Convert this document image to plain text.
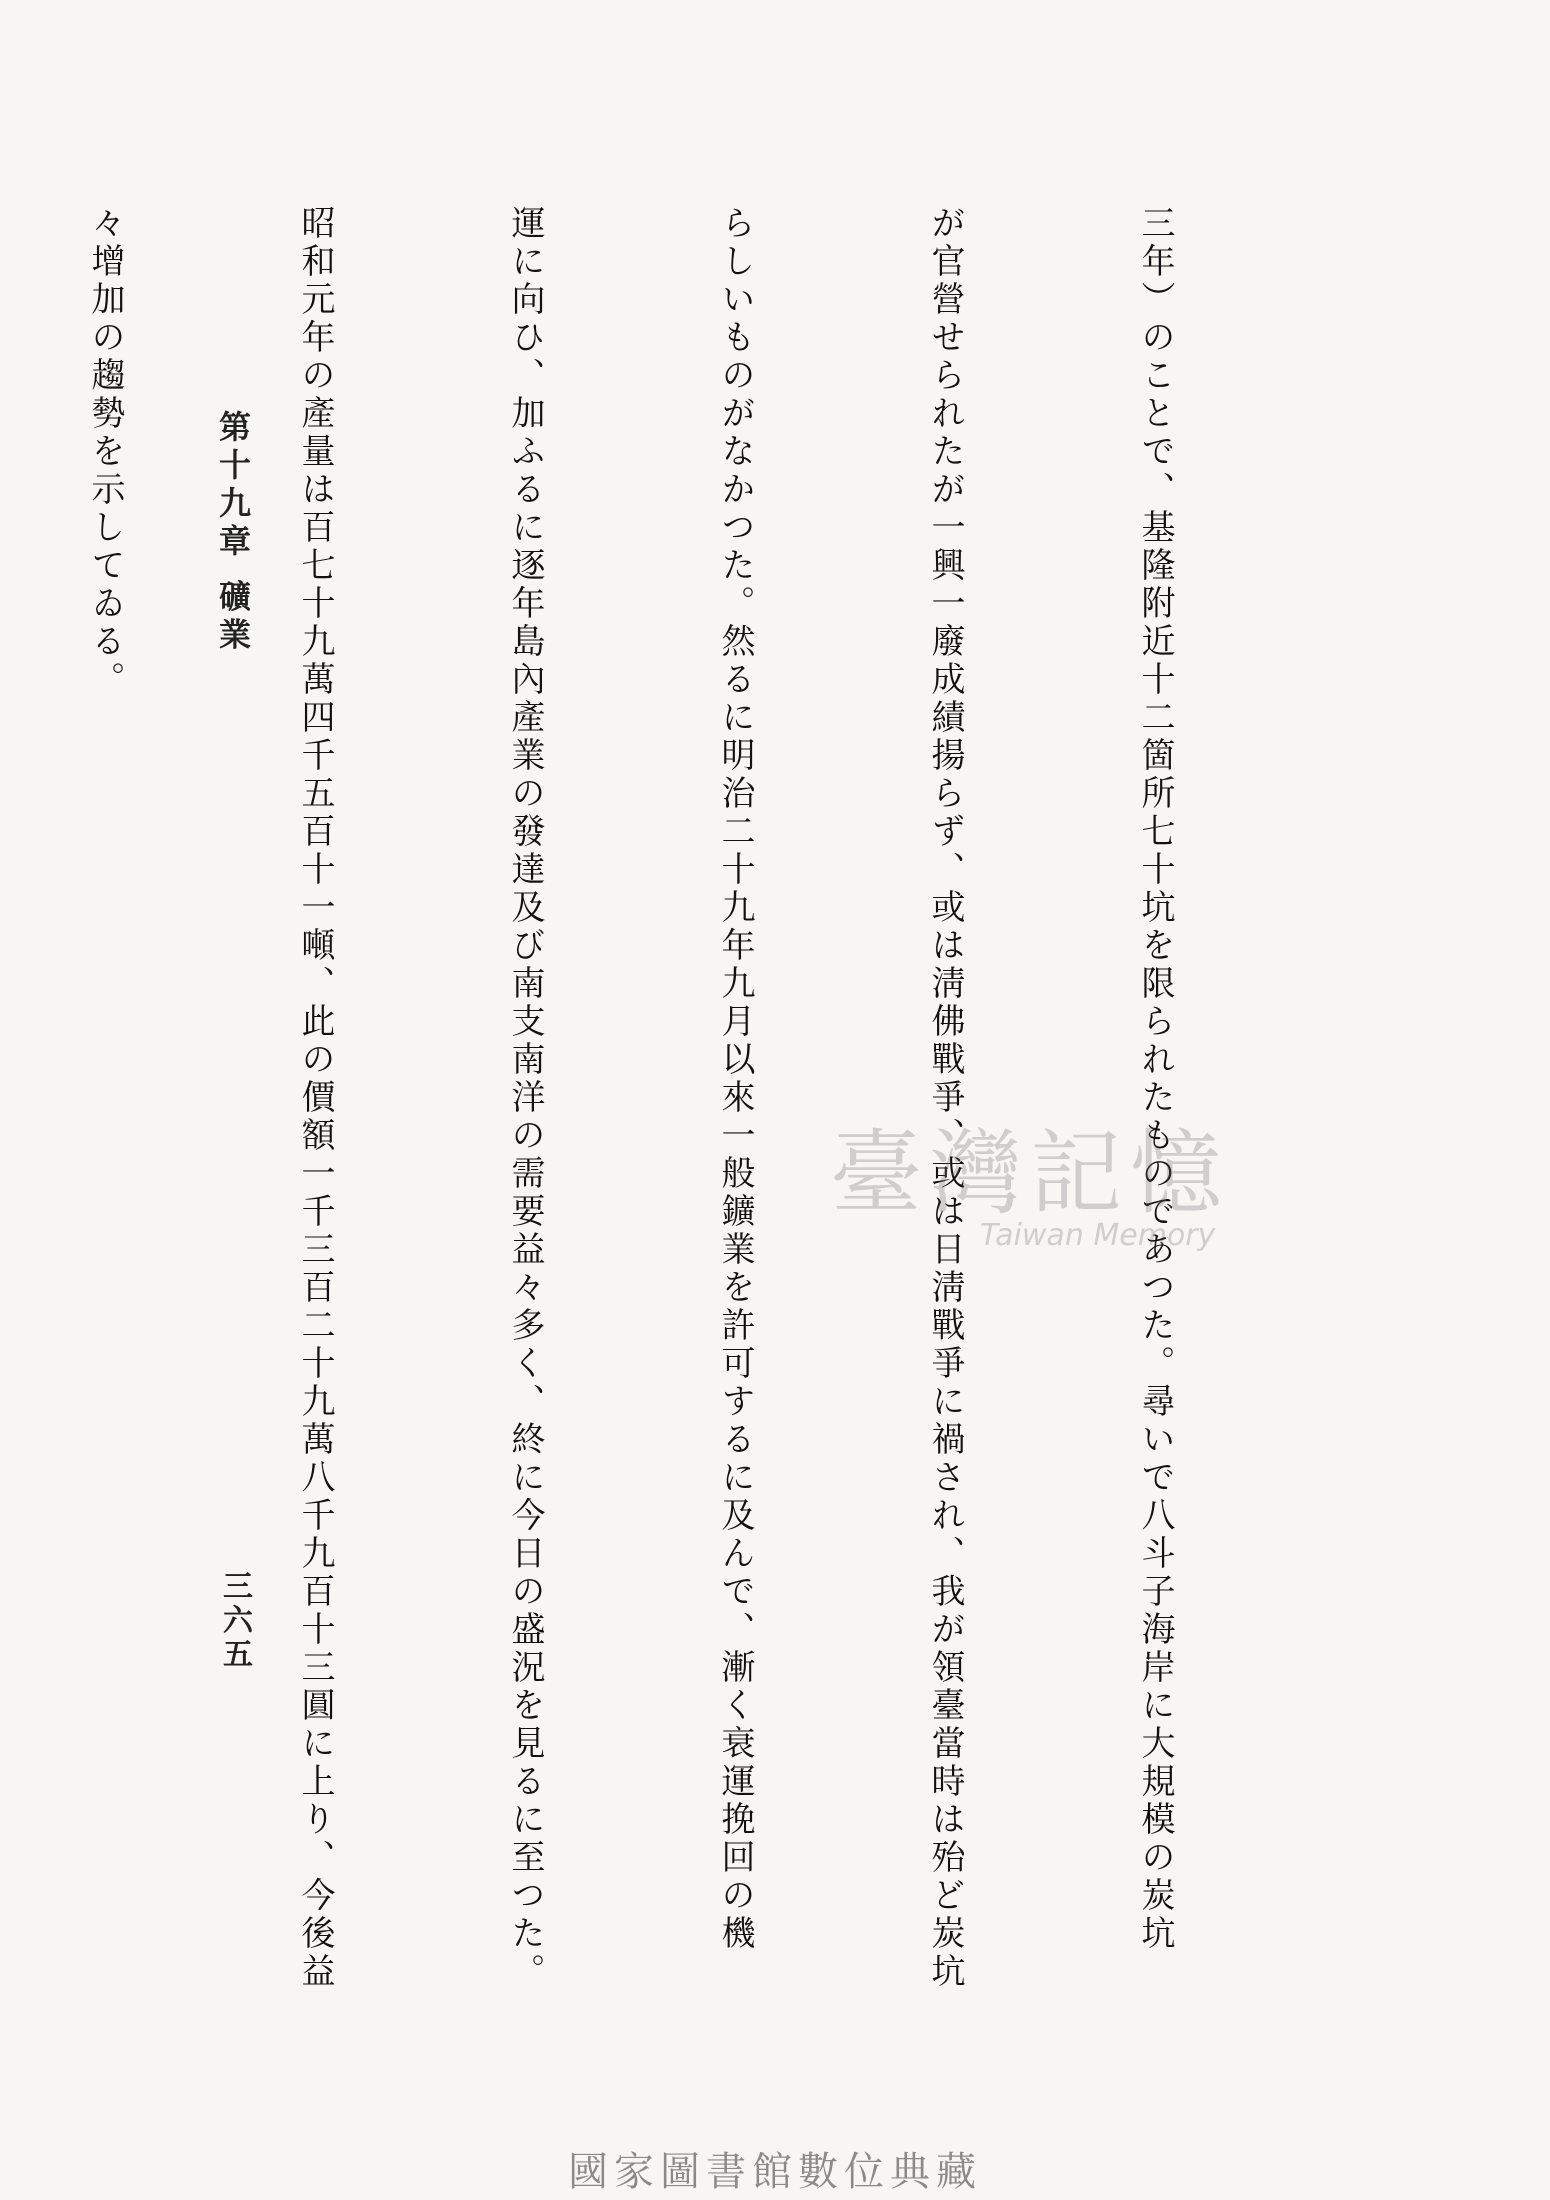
第十九章 礦業
三六五

	三年）のことで、基隆附近十二箇所七十坑を限られたものであつた。尋いで八斗子海岸に大規模の炭坑

が官營せられたが一興一廢成績揚らず、或は淸佛戰爭、或は日淸戰爭に禍され、我が領臺當時は殆ど炭坑

らしいものがなかつた。然るに明治二十九年九月以來一般鑛業を許可するに及んで、漸く衰運挽回の機

運に向ひ、加ふるに逐年島內產業の發達及び南支南洋の需要益々多く、終に今日の盛況を見るに至つた。

昭和元年の產量は百七十九萬四千五百十一噸、此の價額一千三百二十九萬八千九百十三圓に上り、今後益

々增加の趨勢を示してゐる。

臺灣記憶
Taiwan Memory
國家圖書館數位典藏
